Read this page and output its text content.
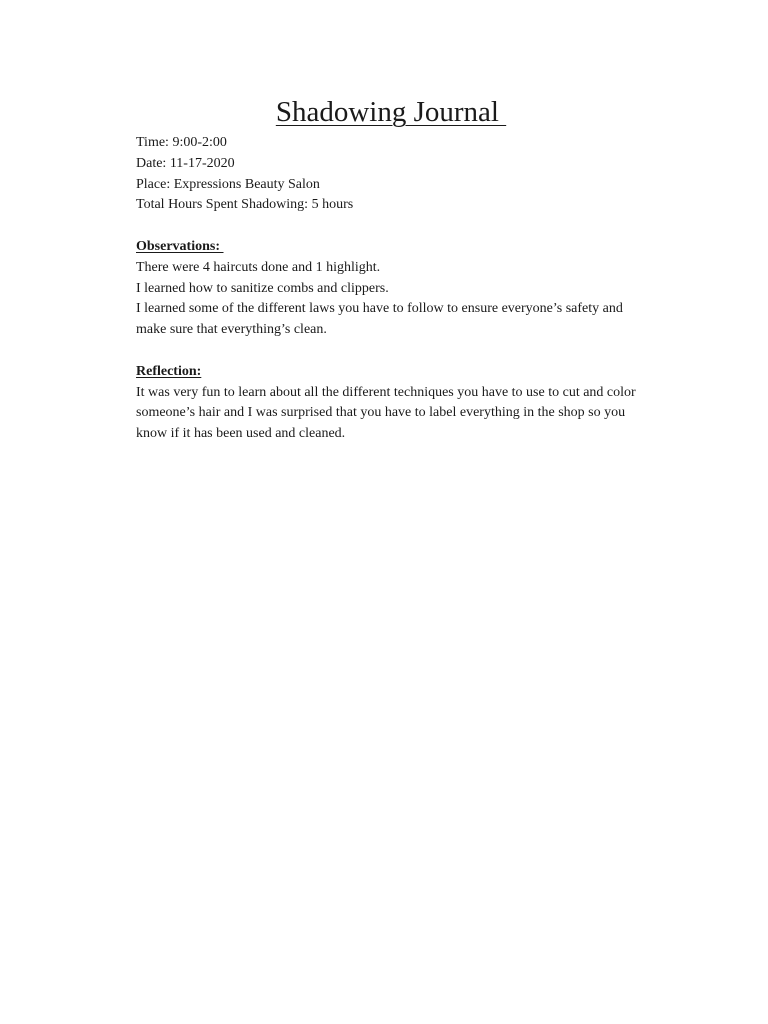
Shadowing Journal
Time: 9:00-2:00
Date: 11-17-2020
Place: Expressions Beauty Salon
Total Hours Spent Shadowing: 5 hours
Observations:
There were 4 haircuts done and 1 highlight.
I learned how to sanitize combs and clippers.
I learned some of the different laws you have to follow to ensure everyone’s safety and
make sure that everything’s clean.
Reflection:
It was very fun to learn about all the different techniques you have to use to cut and color
someone’s hair and I was surprised that you have to label everything in the shop so you
know if it has been used and cleaned.
